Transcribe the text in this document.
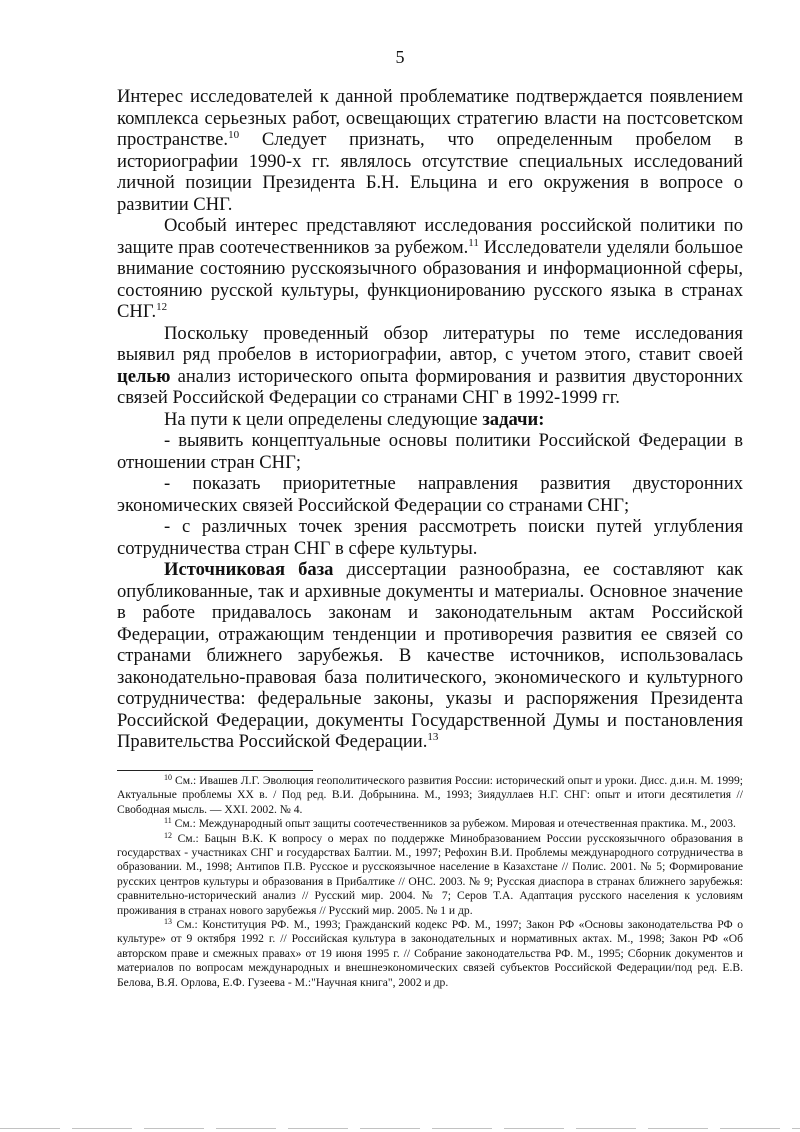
5

Интерес исследователей к данной проблематике подтверждается появлением комплекса серьезных работ, освещающих стратегию власти на постсоветском пространстве.$^{10}$ Следует признать, что определенным пробелом в историографии 1990-х гг. являлось отсутствие специальных исследований личной позиции Президента Б.Н. Ельцина и его окружения в вопросе о развитии СНГ.

Особый интерес представляют исследования российской политики по защите прав соотечественников за рубежом.$^{11}$ Исследователи уделяли большое внимание состоянию русскоязычного образования и информационной сферы, состоянию русской культуры, функционированию русского языка в странах СНГ.$^{12}$

Поскольку проведенный обзор литературы по теме исследования выявил ряд пробелов в историографии, автор, с учетом этого, ставит своей целью анализ исторического опыта формирования и развития двусторонних связей Российской Федерации со странами СНГ в 1992-1999 гг.

На пути к цели определены следующие задачи:

- выявить концептуальные основы политики Российской Федерации в отношении стран СНГ;

- показать приоритетные направления развития двусторонних экономических связей Российской Федерации со странами СНГ;

- с различных точек зрения рассмотреть поиски путей углубления сотрудничества стран СНГ в сфере культуры.

Источниковая база диссертации разнообразна, ее составляют как опубликованные, так и архивные документы и материалы. Основное значение в работе придавалось законам и законодательным актам Российской Федерации, отражающим тенденции и противоречия развития ее связей со странами ближнего зарубежья. В качестве источников, использовалась законодательно-правовая база политического, экономического и культурного сотрудничества: федеральные законы, указы и распоряжения Президента Российской Федерации, документы Государственной Думы и постановления Правительства Российской Федерации.$^{13}$

$^{10}$ См.: Ивашев Л.Г. Эволюция геополитического развития России: исторический опыт и уроки. Дисс. д.и.н. М. 1999; Актуальные проблемы XX в. / Под ред. В.И. Добрынина. М., 1993; Зиядуллаев Н.Г. СНГ: опыт и итоги десятилетия // Свободная мысль. — XXI. 2002. № 4.

$^{11}$ См.: Международный опыт защиты соотечественников за рубежом. Мировая и отечественная практика. М., 2003.

$^{12}$ См.: Бацын В.К. К вопросу о мерах по поддержке Минобразованием России русскоязычного образования в государствах - участниках СНГ и государствах Балтии. М., 1997; Рефохин В.И. Проблемы международного сотрудничества в образовании. М., 1998; Антипов П.В. Русское и русскоязычное население в Казахстане // Полис. 2001. № 5; Формирование русских центров культуры и образования в Прибалтике // ОНС. 2003. № 9; Русская диаспора в странах ближнего зарубежья: сравнительно-исторический анализ // Русский мир. 2004. № 7; Серов Т.А. Адаптация русского населения к условиям проживания в странах нового зарубежья // Русский мир. 2005. № 1 и др.

$^{13}$ См.: Конституция РФ. М., 1993; Гражданский кодекс РФ. М., 1997; Закон РФ «Основы законодательства РФ о культуре» от 9 октября 1992 г. // Российская культура в законодательных и нормативных актах. М., 1998; Закон РФ «Об авторском праве и смежных правах» от 19 июня 1995 г. // Собрание законодательства РФ. М., 1995; Сборник документов и материалов по вопросам международных и внешнеэкономических связей субъектов Российской Федерации/под ред. Е.В. Белова, В.Я. Орлова, Е.Ф. Гузеева - М.:"Научная книга", 2002 и др.
